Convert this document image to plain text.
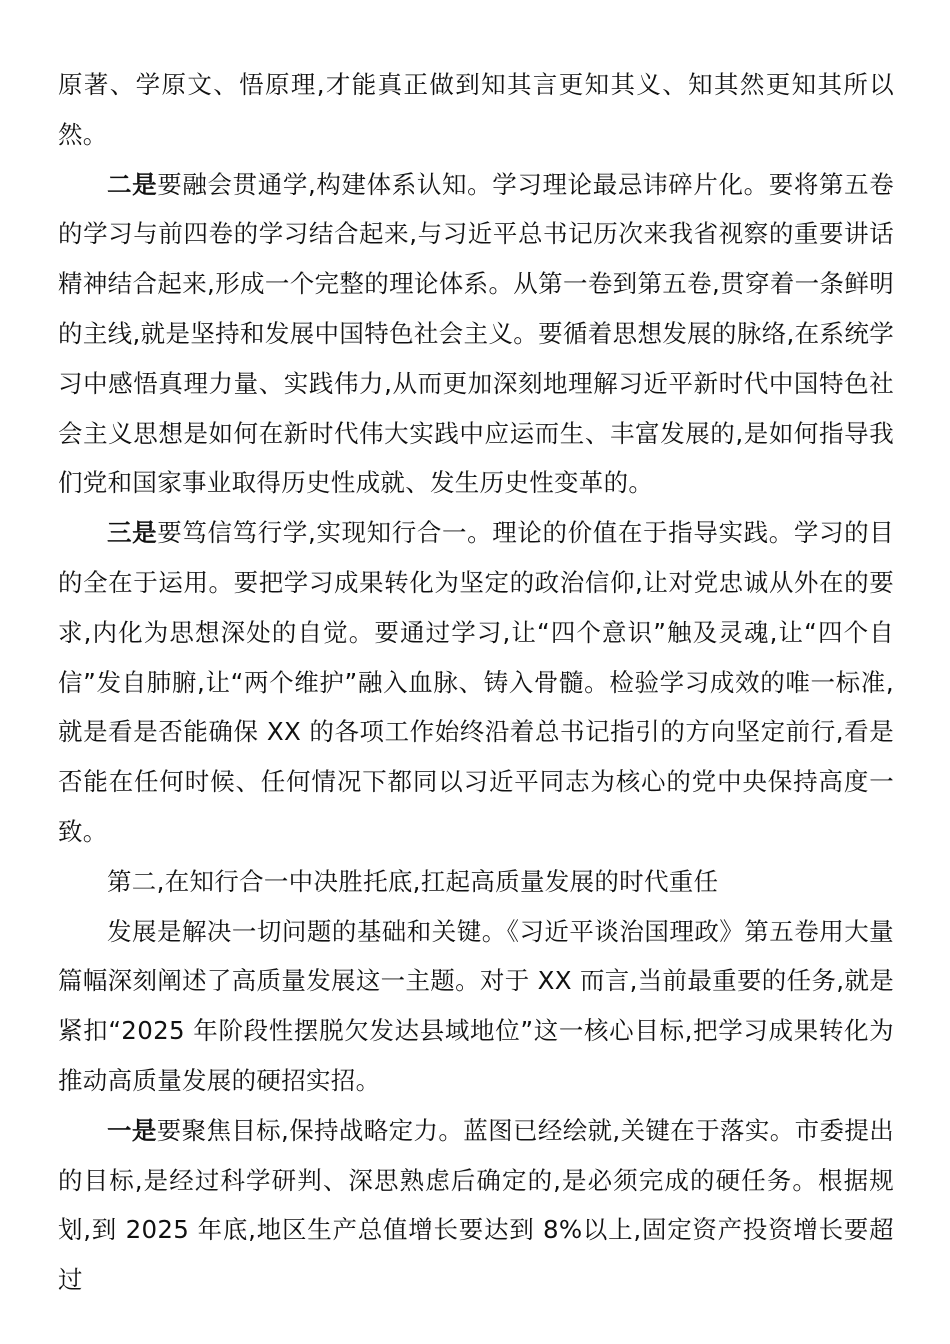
原著、学原文、悟原理,才能真正做到知其言更知其义、知其然更知其所以然。

二是要融会贯通学,构建体系认知。学习理论最忌讳碎片化。要将第五卷的学习与前四卷的学习结合起来,与习近平总书记历次来我省视察的重要讲话精神结合起来,形成一个完整的理论体系。从第一卷到第五卷,贯穿着一条鲜明的主线,就是坚持和发展中国特色社会主义。要循着思想发展的脉络,在系统学习中感悟真理力量、实践伟力,从而更加深刻地理解习近平新时代中国特色社会主义思想是如何在新时代伟大实践中应运而生、丰富发展的,是如何指导我们党和国家事业取得历史性成就、发生历史性变革的。

三是要笃信笃行学,实现知行合一。理论的价值在于指导实践。学习的目的全在于运用。要把学习成果转化为坚定的政治信仰,让对党忠诚从外在的要求,内化为思想深处的自觉。要通过学习,让“四个意识”触及灵魂,让“四个自信”发自肺腑,让“两个维护”融入血脉、铸入骨髓。检验学习成效的唯一标准,就是看是否能确保 XX 的各项工作始终沿着总书记指引的方向坚定前行,看是否能在任何时候、任何情况下都同以习近平同志为核心的党中央保持高度一致。

第二,在知行合一中决胜托底,扛起高质量发展的时代重任

发展是解决一切问题的基础和关键。《习近平谈治国理政》第五卷用大量篇幅深刻阐述了高质量发展这一主题。对于 XX 而言,当前最重要的任务,就是紧扣“2025 年阶段性摆脱欠发达县域地位”这一核心目标,把学习成果转化为推动高质量发展的硬招实招。

一是要聚焦目标,保持战略定力。蓝图已经绘就,关键在于落实。市委提出的目标,是经过科学研判、深思熟虑后确定的,是必须完成的硬任务。根据规划,到 2025 年底,地区生产总值增长要达到 8%以上,固定资产投资增长要超过
